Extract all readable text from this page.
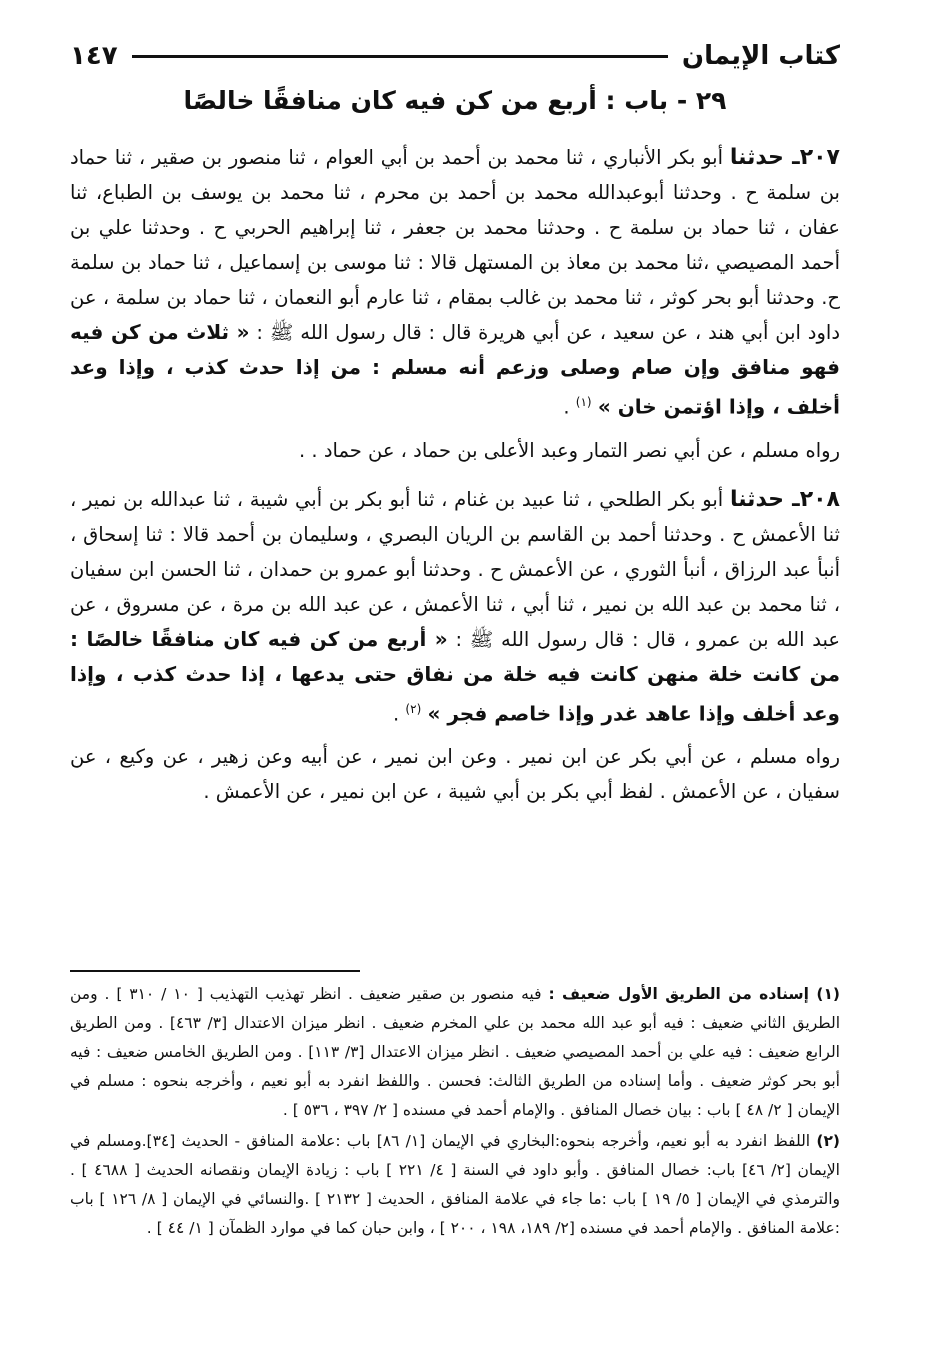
كتاب الإيمان
١٤٧
٢٩ - باب : أربع من كن فيه كان منافقًا خالصًا

٢٠٧ـ حدثنا أبو بكر الأنباري ، ثنا محمد بن أحمد بن أبي العوام ، ثنا منصور بن صقير ، ثنا حماد بن سلمة ح . وحدثنا أبوعبدالله محمد بن أحمد بن محرم ، ثنا محمد بن يوسف بن الطباع، ثنا عفان ، ثنا حماد بن سلمة ح . وحدثنا محمد بن جعفر ، ثنا إبراهيم الحربي ح . وحدثنا علي بن أحمد المصيصي ،ثنا محمد بن معاذ بن المستهل قالا : ثنا موسى بن إسماعيل ، ثنا حماد بن سلمة ح. وحدثنا أبو بحر كوثر ، ثنا محمد بن غالب بمقام ، ثنا عارم أبو النعمان ، ثنا حماد بن سلمة ، عن داود ابن أبي هند ، عن سعيد ، عن أبي هريرة قال : قال رسول الله ﷺ : « ثلاث من كن فيه فهو منافق وإن صام وصلى وزعم أنه مسلم : من إذا حدث كذب ، وإذا وعد أخلف ، وإذا اؤتمن خان » $^{(١)}$ .

رواه مسلم ، عن أبي نصر التمار وعبد الأعلى بن حماد ، عن حماد . .

٢٠٨ـ حدثنا أبو بكر الطلحي ، ثنا عبيد بن غنام ، ثنا أبو بكر بن أبي شيبة ، ثنا عبدالله بن نمير ، ثنا الأعمش ح . وحدثنا أحمد بن القاسم بن الريان البصري ، وسليمان بن أحمد قالا : ثنا إسحاق ، أنبأ عبد الرزاق ، أنبأ الثوري ، عن الأعمش ح . وحدثنا أبو عمرو بن حمدان ، ثنا الحسن ابن سفيان ، ثنا محمد بن عبد الله بن نمير ، ثنا أبي ، ثنا الأعمش ، عن عبد الله بن مرة ، عن مسروق ، عن عبد الله بن عمرو ، قال : قال رسول الله ﷺ : « أربع من كن فيه كان منافقًا خالصًا : من كانت خلة منهن كانت فيه خلة من نفاق حتى يدعها ، إذا حدث كذب ، وإذا وعد أخلف وإذا عاهد غدر وإذا خاصم فجر » $^{(٢)}$ .

رواه مسلم ، عن أبي بكر عن ابن نمير . وعن ابن نمير ، عن أبيه وعن زهير ، عن وكيع ، عن سفيان ، عن الأعمش . لفظ أبي بكر بن أبي شيبة ، عن ابن نمير ، عن الأعمش .

(١) إسناده من الطريق الأول ضعيف : فيه منصور بن صقير ضعيف . انظر تهذيب التهذيب [ ١٠ / ٣١٠ ] . ومن الطريق الثاني ضعيف : فيه أبو عبد الله محمد بن علي المخرم ضعيف . انظر ميزان الاعتدال [٣/ ٤٦٣] . ومن الطريق الرابع ضعيف : فيه علي بن أحمد المصيصي ضعيف . انظر ميزان الاعتدال [٣/ ١١٣] . ومن الطريق الخامس ضعيف : فيه أبو بحر كوثر ضعيف . وأما إسناده من الطريق الثالث: فحسن . واللفظ انفرد به أبو نعيم ، وأخرجه بنحوه : مسلم في الإيمان [ ٢/ ٤٨ ] باب : بيان خصال المنافق . والإمام أحمد في مسنده [ ٢/ ٣٩٧ ، ٥٣٦ ] .

(٢) اللفظ انفرد به أبو نعيم، وأخرجه بنحوه:البخاري في الإيمان [١/ ٨٦] باب :علامة المنافق - الحديث [٣٤].ومسلم في الإيمان [٢/ ٤٦] باب: خصال المنافق . وأبو داود في السنة [ ٤/ ٢٢١ ] باب : زيادة الإيمان ونقصانه الحديث [ ٤٦٨٨ ] . والترمذي في الإيمان [ ٥/ ١٩ ] باب :ما جاء في علامة المنافق ، الحديث [ ٢١٣٢ ] .والنسائي في الإيمان [ ٨/ ١٢٦ ] باب :علامة المنافق . والإمام أحمد في مسنده [٢/ ١٨٩، ١٩٨ ، ٢٠٠ ] ، وابن حبان كما في موارد الظمآن [ ١/ ٤٤ ] .
